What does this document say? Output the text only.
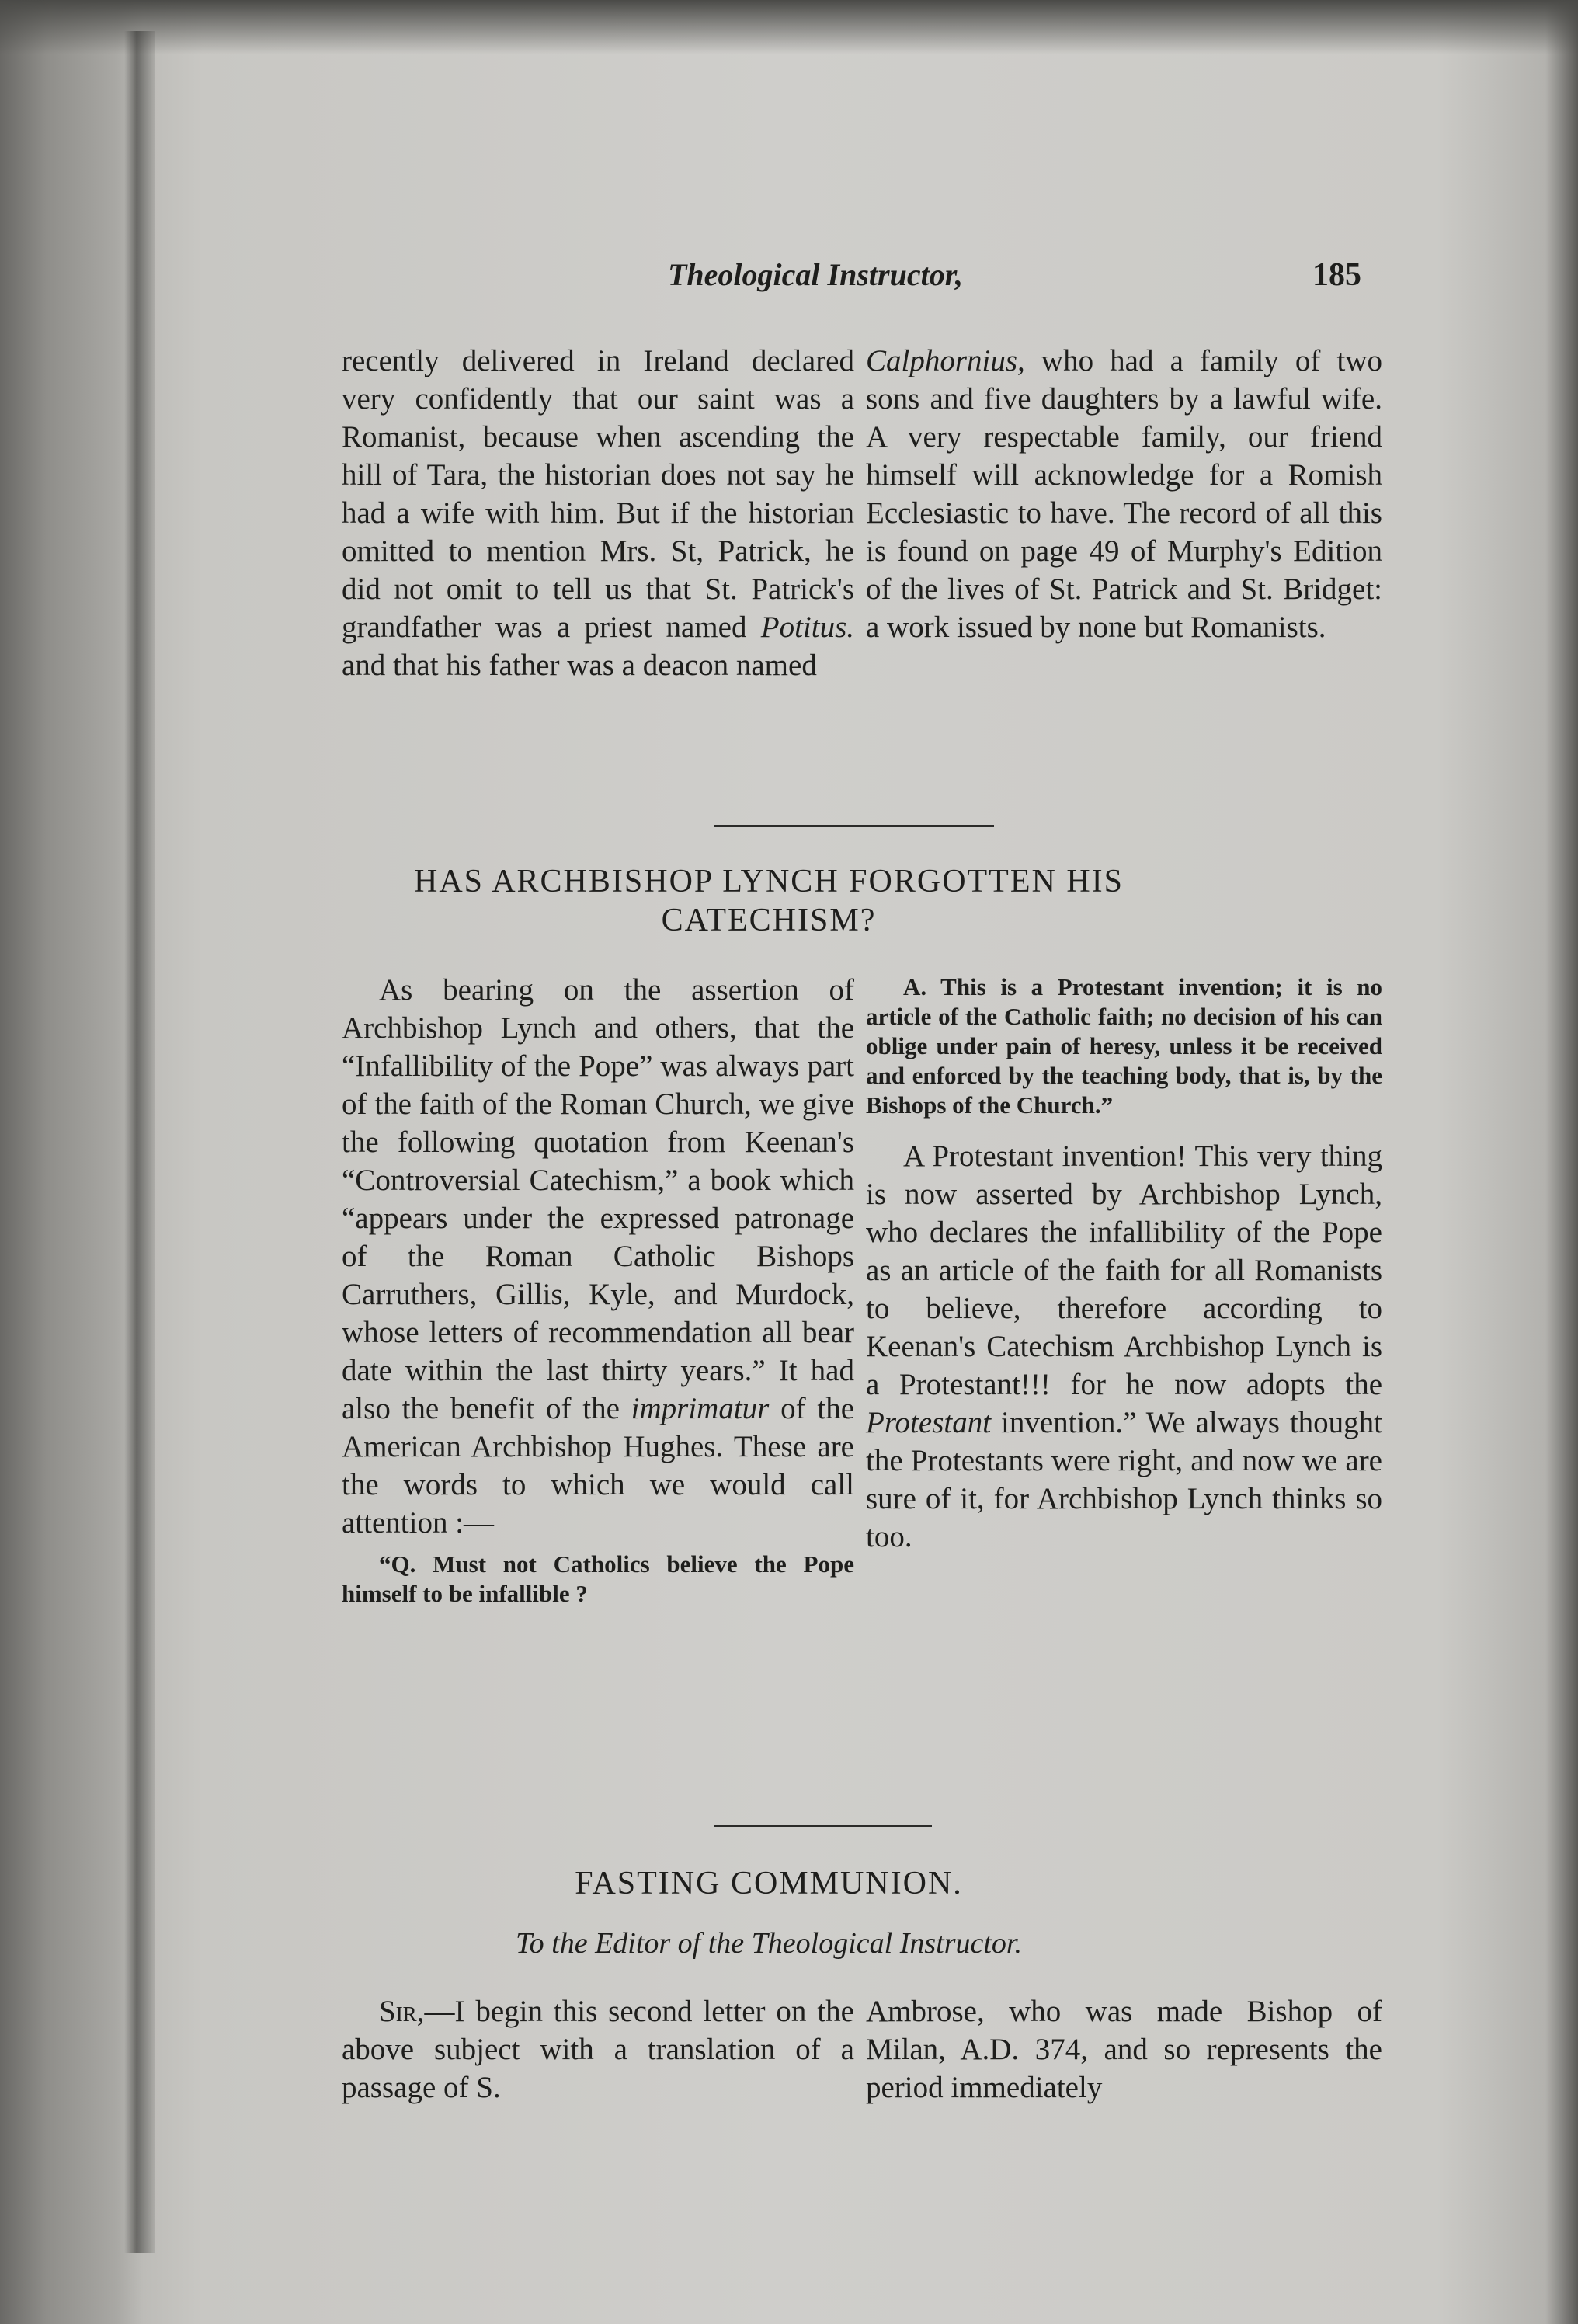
Theological Instructor,	185

recently delivered in Ireland declared very confidently that our saint was a Romanist, because when ascending the hill of Tara, the historian does not say he had a wife with him. But if the historian omitted to mention Mrs. St, Patrick, he did not omit to tell us that St. Patrick's grandfather was a priest named Potitus. and that his father was a deacon named

Calphornius, who had a family of two sons and five daughters by a lawful wife. A very respectable family, our friend himself will acknowledge for a Romish Ecclesiastic to have. The record of all this is found on page 49 of Murphy's Edition of the lives of St. Patrick and St. Bridget: a work issued by none but Romanists.

HAS ARCHBISHOP LYNCH FORGOTTEN HIS
CATECHISM?

As bearing on the assertion of Archbishop Lynch and others, that the “Infallibility of the Pope” was always part of the faith of the Roman Church, we give the following quotation from Keenan's “Controversial Catechism,” a book which “appears under the expressed patronage of the Roman Catholic Bishops Carruthers, Gillis, Kyle, and Murdock, whose letters of recommendation all bear date within the last thirty years.” It had also the benefit of the imprimatur of the American Archbishop Hughes. These are the words to which we would call attention :—

“Q. Must not Catholics believe the Pope himself to be infallible ?

A. This is a Protestant invention; it is no article of the Catholic faith; no decision of his can oblige under pain of heresy, unless it be received and enforced by the teaching body, that is, by the Bishops of the Church.”

A Protestant invention! This very thing is now asserted by Archbishop Lynch, who declares the infallibility of the Pope as an article of the faith for all Romanists to believe, therefore according to Keenan's Catechism Archbishop Lynch is a Protestant!!! for he now adopts the Protestant invention.” We always thought the Protestants were right, and now we are sure of it, for Archbishop Lynch thinks so too.

FASTING COMMUNION.
To the Editor of the Theological Instructor.

Sir,—I begin this second letter on the above subject with a translation of a passage of S.

Ambrose, who was made Bishop of Milan, A.D. 374, and so represents the period immediately
